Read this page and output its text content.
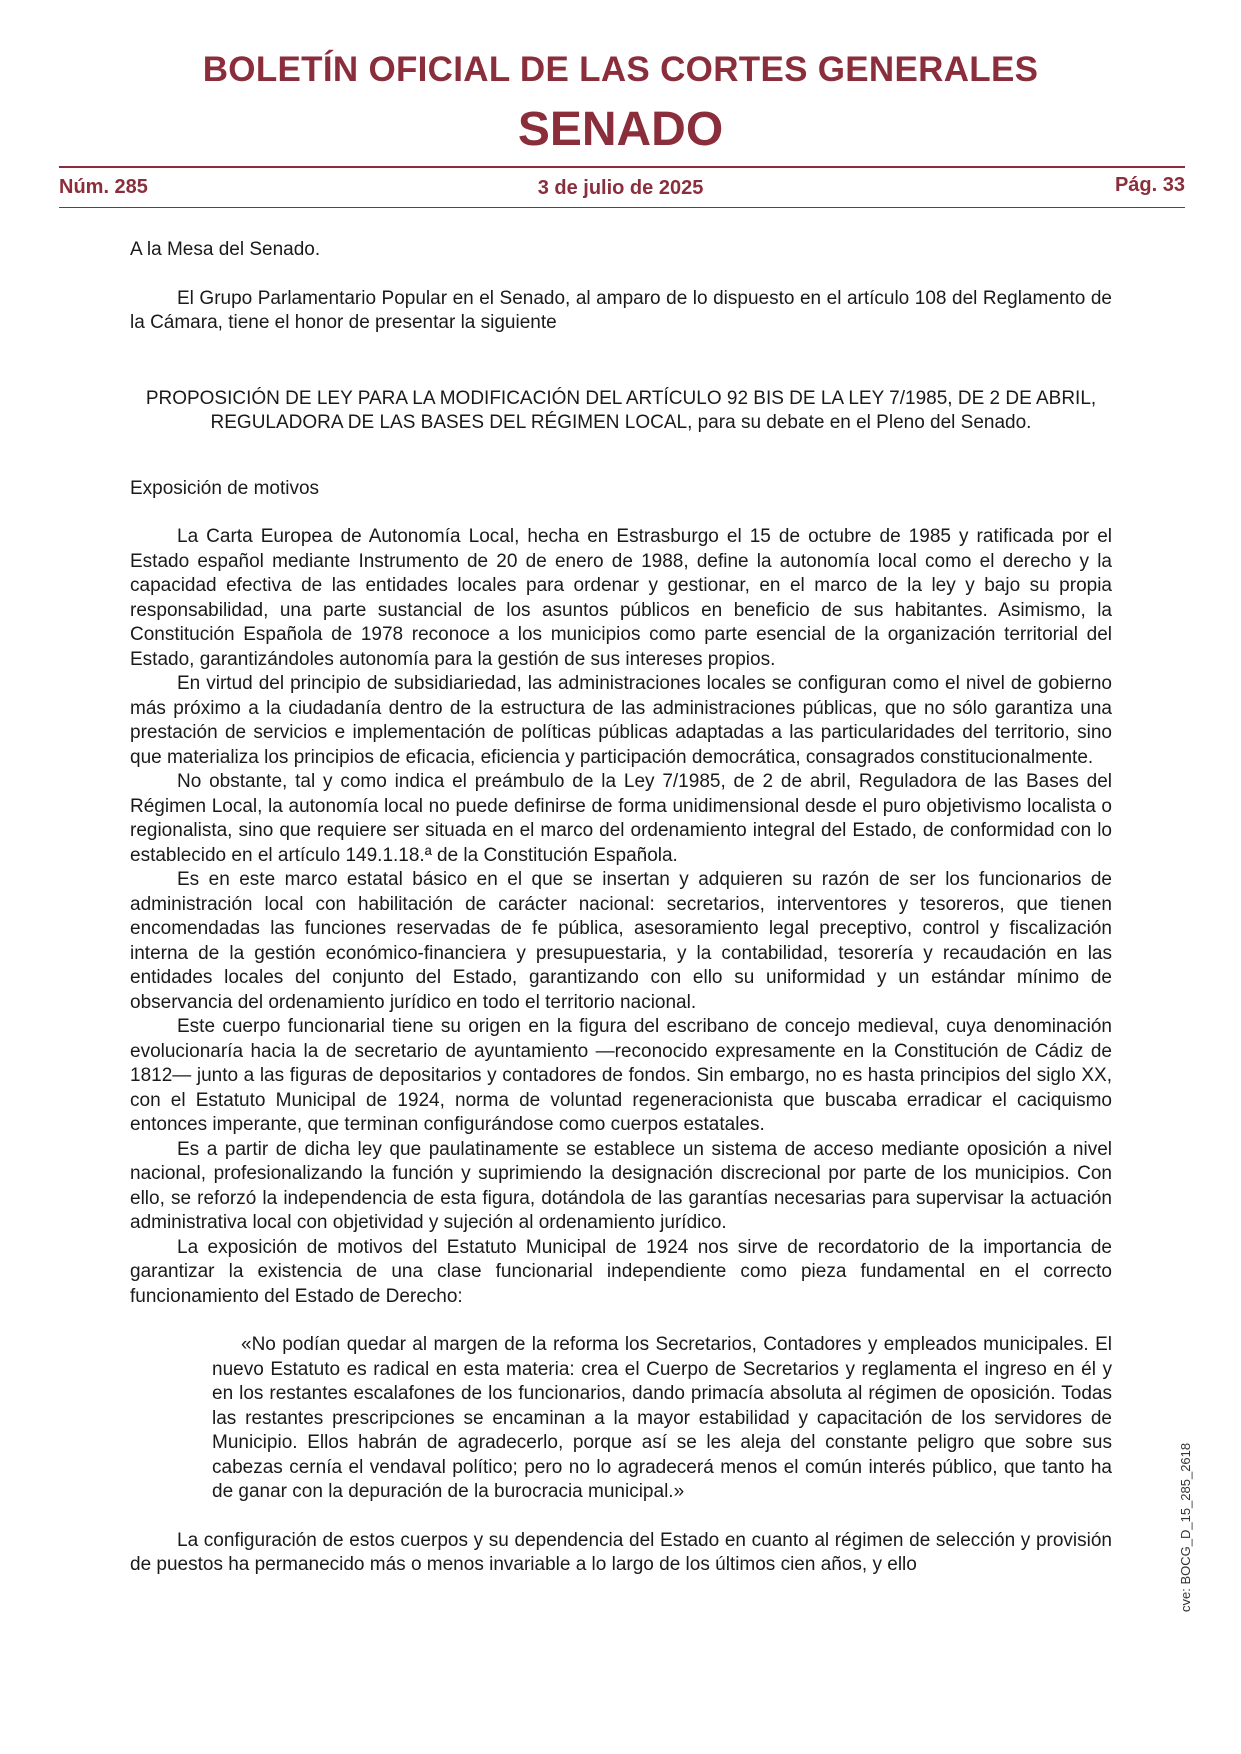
BOLETÍN OFICIAL DE LAS CORTES GENERALES
SENADO
Núm. 285	3 de julio de 2025	Pág. 33

A la Mesa del Senado.

El Grupo Parlamentario Popular en el Senado, al amparo de lo dispuesto en el artículo 108 del Reglamento de la Cámara, tiene el honor de presentar la siguiente

PROPOSICIÓN DE LEY PARA LA MODIFICACIÓN DEL ARTÍCULO 92 BIS DE LA LEY 7/1985, DE 2 DE ABRIL, REGULADORA DE LAS BASES DEL RÉGIMEN LOCAL, para su debate en el Pleno del Senado.

Exposición de motivos

La Carta Europea de Autonomía Local, hecha en Estrasburgo el 15 de octubre de 1985 y ratificada por el Estado español mediante Instrumento de 20 de enero de 1988, define la autonomía local como el derecho y la capacidad efectiva de las entidades locales para ordenar y gestionar, en el marco de la ley y bajo su propia responsabilidad, una parte sustancial de los asuntos públicos en beneficio de sus habitantes. Asimismo, la Constitución Española de 1978 reconoce a los municipios como parte esencial de la organización territorial del Estado, garantizándoles autonomía para la gestión de sus intereses propios.

En virtud del principio de subsidiariedad, las administraciones locales se configuran como el nivel de gobierno más próximo a la ciudadanía dentro de la estructura de las administraciones públicas, que no sólo garantiza una prestación de servicios e implementación de políticas públicas adaptadas a las particularidades del territorio, sino que materializa los principios de eficacia, eficiencia y participación democrática, consagrados constitucionalmente.

No obstante, tal y como indica el preámbulo de la Ley 7/1985, de 2 de abril, Reguladora de las Bases del Régimen Local, la autonomía local no puede definirse de forma unidimensional desde el puro objetivismo localista o regionalista, sino que requiere ser situada en el marco del ordenamiento integral del Estado, de conformidad con lo establecido en el artículo 149.1.18.ª de la Constitución Española.

Es en este marco estatal básico en el que se insertan y adquieren su razón de ser los funcionarios de administración local con habilitación de carácter nacional: secretarios, interventores y tesoreros, que tienen encomendadas las funciones reservadas de fe pública, asesoramiento legal preceptivo, control y fiscalización interna de la gestión económico-financiera y presupuestaria, y la contabilidad, tesorería y recaudación en las entidades locales del conjunto del Estado, garantizando con ello su uniformidad y un estándar mínimo de observancia del ordenamiento jurídico en todo el territorio nacional.

Este cuerpo funcionarial tiene su origen en la figura del escribano de concejo medieval, cuya denominación evolucionaría hacia la de secretario de ayuntamiento —reconocido expresamente en la Constitución de Cádiz de 1812— junto a las figuras de depositarios y contadores de fondos. Sin embargo, no es hasta principios del siglo XX, con el Estatuto Municipal de 1924, norma de voluntad regeneracionista que buscaba erradicar el caciquismo entonces imperante, que terminan configurándose como cuerpos estatales.

Es a partir de dicha ley que paulatinamente se establece un sistema de acceso mediante oposición a nivel nacional, profesionalizando la función y suprimiendo la designación discrecional por parte de los municipios. Con ello, se reforzó la independencia de esta figura, dotándola de las garantías necesarias para supervisar la actuación administrativa local con objetividad y sujeción al ordenamiento jurídico.

La exposición de motivos del Estatuto Municipal de 1924 nos sirve de recordatorio de la importancia de garantizar la existencia de una clase funcionarial independiente como pieza fundamental en el correcto funcionamiento del Estado de Derecho:

«No podían quedar al margen de la reforma los Secretarios, Contadores y empleados municipales. El nuevo Estatuto es radical en esta materia: crea el Cuerpo de Secretarios y reglamenta el ingreso en él y en los restantes escalafones de los funcionarios, dando primacía absoluta al régimen de oposición. Todas las restantes prescripciones se encaminan a la mayor estabilidad y capacitación de los servidores de Municipio. Ellos habrán de agradecerlo, porque así se les aleja del constante peligro que sobre sus cabezas cernía el vendaval político; pero no lo agradecerá menos el común interés público, que tanto ha de ganar con la depuración de la burocracia municipal.»

La configuración de estos cuerpos y su dependencia del Estado en cuanto al régimen de selección y provisión de puestos ha permanecido más o menos invariable a lo largo de los últimos cien años, y ello	cve: BOCG_D_15_285_2618
